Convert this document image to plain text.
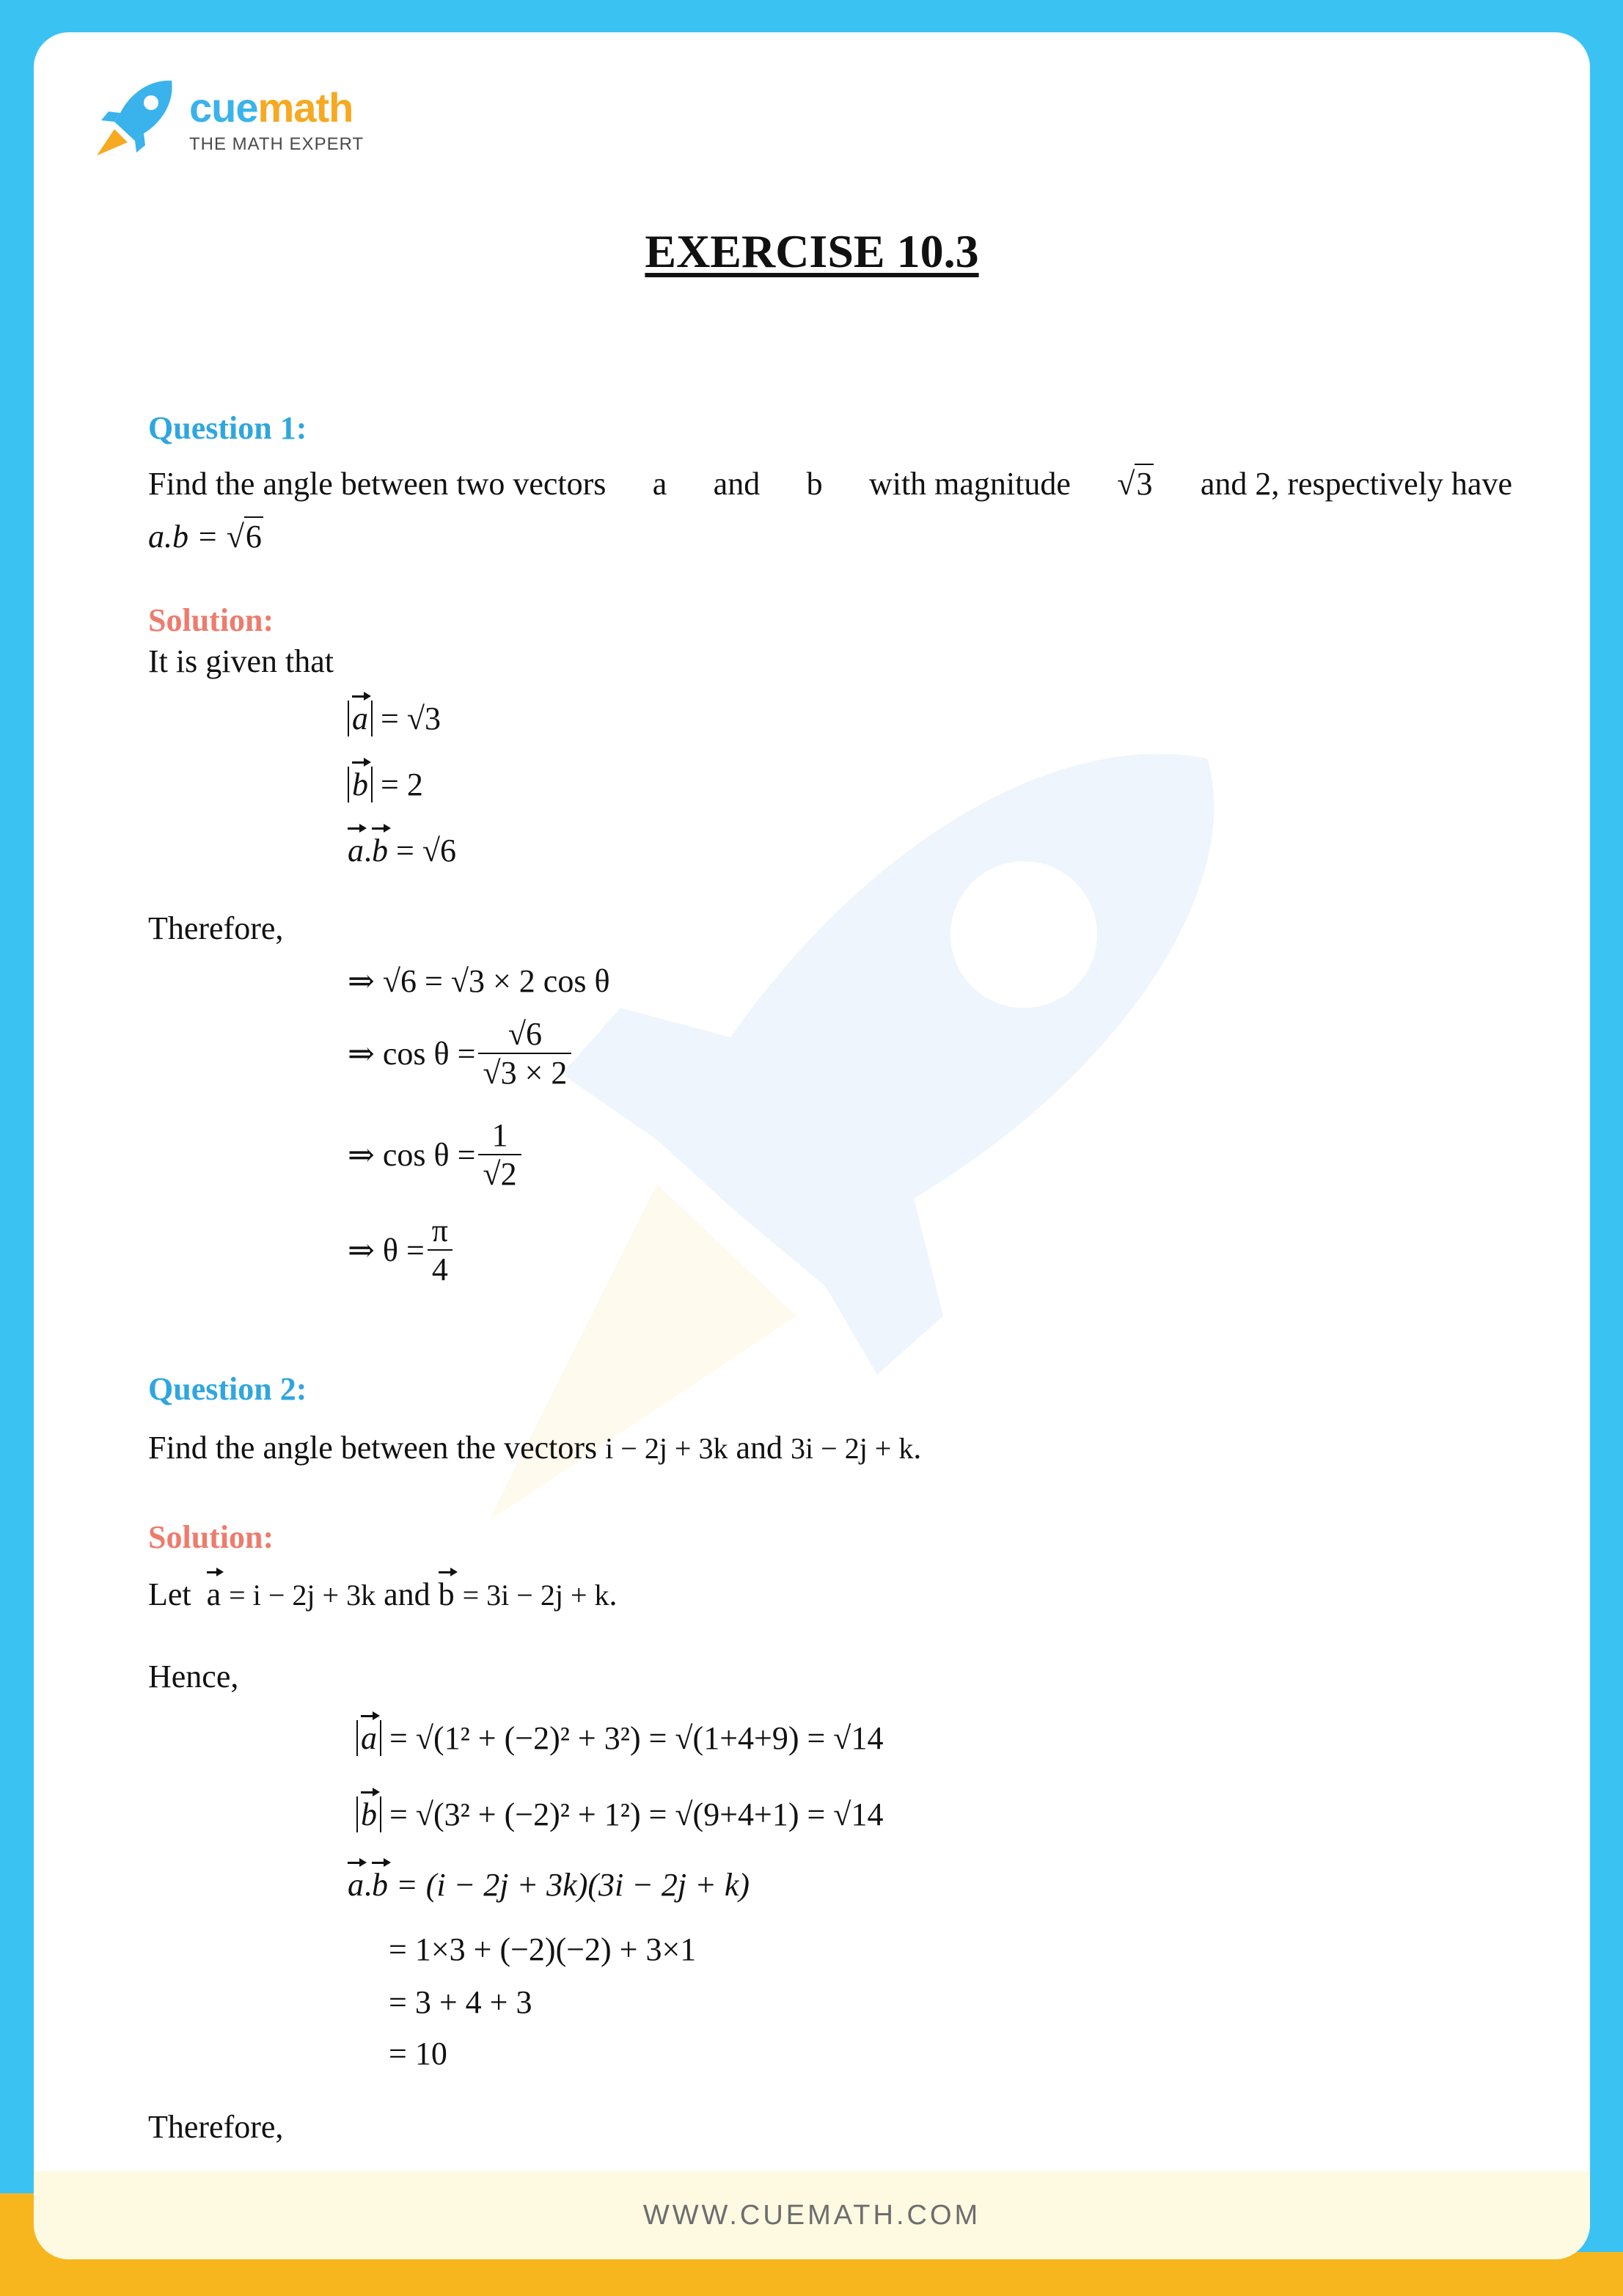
cuemath
THE MATH EXPERT
EXERCISE 10.3
Question 1:
Find the angle between two vectors a and b with magnitude √3 and 2, respectively have
a.b = √6
Solution:
It is given that
a = √3
b = 2
a.b = √6
Therefore,
⇒ √6 = √3 × 2 cos θ
⇒ $\cos \theta = \frac{√6}{√3 \times 2}$
⇒ $\cos \theta = \frac{1}{√2}$
⇒ $\theta = \frac{\pi}{4}$
Question 2:
Find the angle between the vectors i − 2j + 3k and 3i − 2j + k.
Solution:
Let a = i − 2j + 3k and b = 3i − 2j + k.
Hence,
a = √(1² + (−2)² + 3²) = √(1+4+9) = √14
b = √(3² + (−2)² + 1²) = √(9+4+1) = √14
a.b = (i − 2j + 3k)(3i − 2j + k)
= 1×3 + (−2)(−2) + 3×1
= 3 + 4 + 3
= 10
Therefore,
WWW.CUEMATH.COM
